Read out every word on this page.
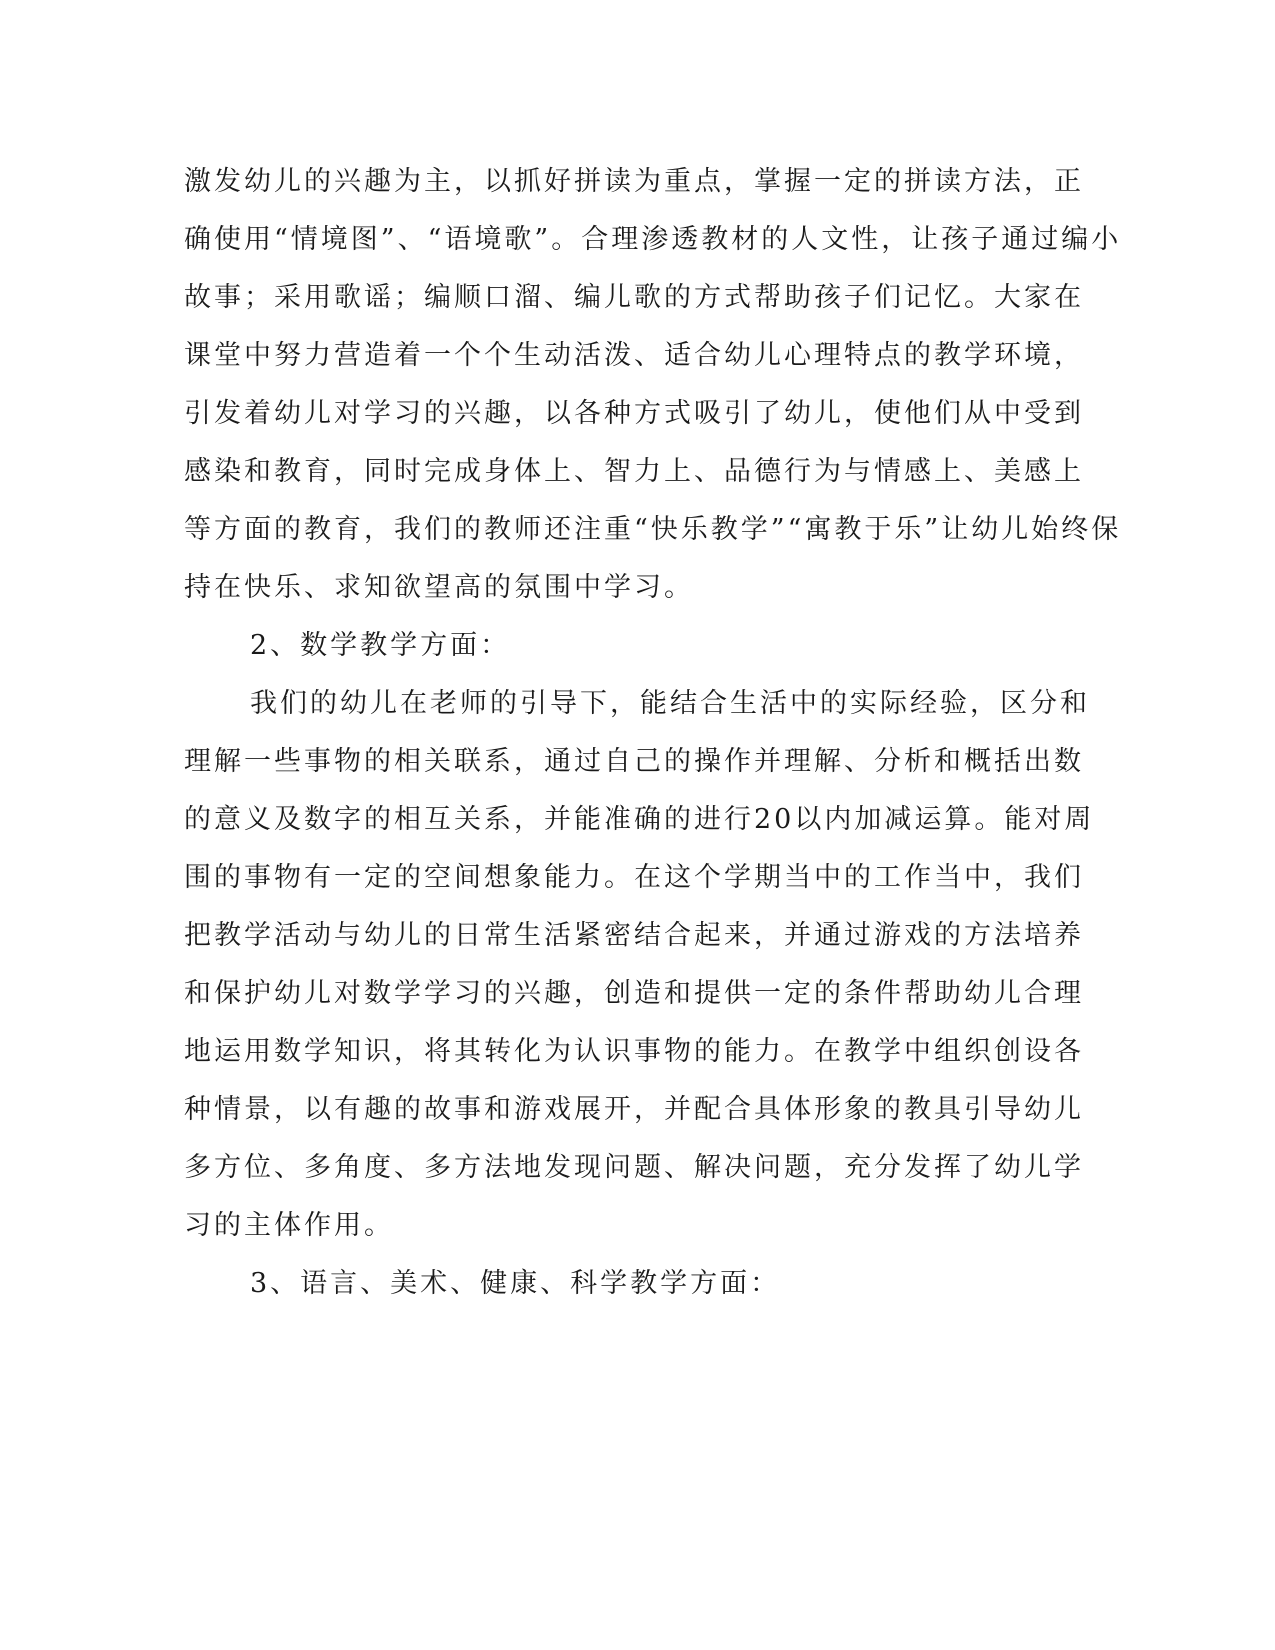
激发幼儿的兴趣为主，以抓好拼读为重点，掌握一定的拼读方法，正
确使用“情境图”、“语境歌”。合理渗透教材的人文性，让孩子通过编小
故事；采用歌谣；编顺口溜、编儿歌的方式帮助孩子们记忆。大家在
课堂中努力营造着一个个生动活泼、适合幼儿心理特点的教学环境，
引发着幼儿对学习的兴趣，以各种方式吸引了幼儿，使他们从中受到
感染和教育，同时完成身体上、智力上、品德行为与情感上、美感上
等方面的教育，我们的教师还注重“快乐教学”“寓教于乐”让幼儿始终保
持在快乐、求知欲望高的氛围中学习。
2、数学教学方面：
我们的幼儿在老师的引导下，能结合生活中的实际经验，区分和
理解一些事物的相关联系，通过自己的操作并理解、分析和概括出数
的意义及数字的相互关系，并能准确的进行20以内加减运算。能对周
围的事物有一定的空间想象能力。在这个学期当中的工作当中，我们
把教学活动与幼儿的日常生活紧密结合起来，并通过游戏的方法培养
和保护幼儿对数学学习的兴趣，创造和提供一定的条件帮助幼儿合理
地运用数学知识，将其转化为认识事物的能力。在教学中组织创设各
种情景，以有趣的故事和游戏展开，并配合具体形象的教具引导幼儿
多方位、多角度、多方法地发现问题、解决问题，充分发挥了幼儿学
习的主体作用。
3、语言、美术、健康、科学教学方面：
